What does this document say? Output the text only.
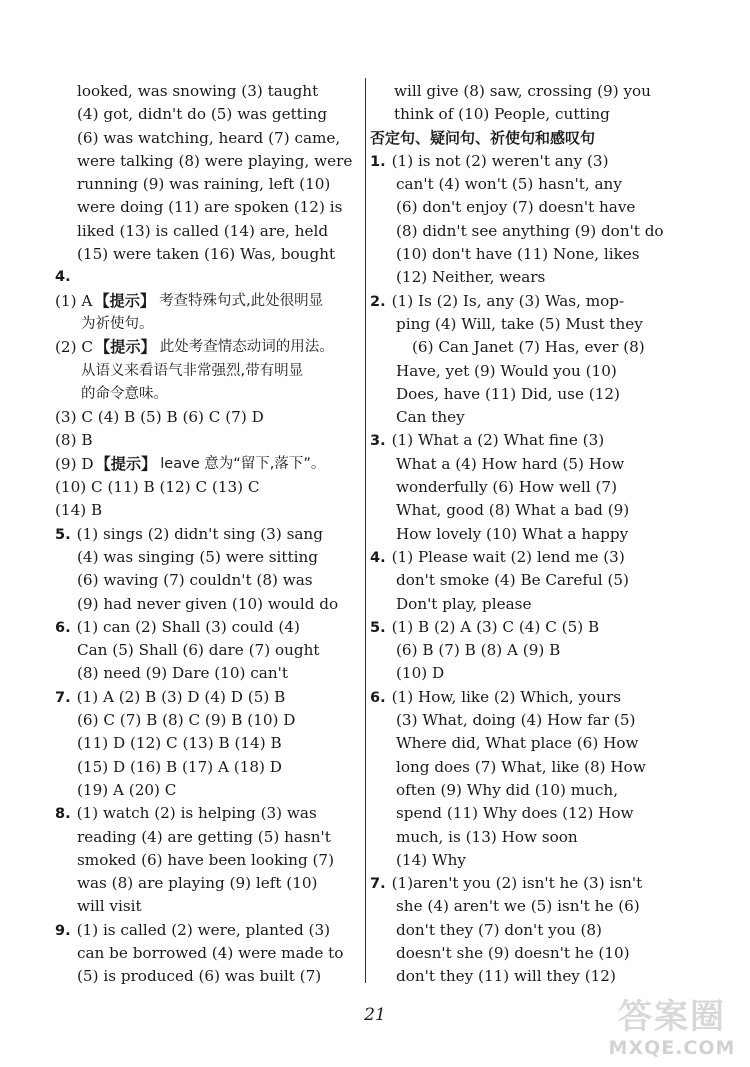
looked, was snowing (3) taught
(4) got, didn't do (5) was getting
(6) was watching, heard (7) came,
were talking (8) were playing, were
running (9) was raining, left (10)
were doing (11) are spoken (12) is
liked (13) is called (14) are, held
(15) were taken (16) Was, bought
4.
(1) A 【提示】 考查特殊句式,此处很明显
为祈使句。
(2) C 【提示】 此处考查情态动词的用法。
从语义来看语气非常强烈,带有明显
的命令意味。
(3) C (4) B (5) B (6) C (7) D
(8) B
(9) D 【提示】 leave 意为“留下,落下”。
(10) C (11) B (12) C (13) C
(14) B
5. (1) sings (2) didn't sing (3) sang
(4) was singing (5) were sitting
(6) waving (7) couldn't (8) was
(9) had never given (10) would do
6. (1) can (2) Shall (3) could (4)
Can (5) Shall (6) dare (7) ought
(8) need (9) Dare (10) can't
7. (1) A (2) B (3) D (4) D (5) B
(6) C (7) B (8) C (9) B (10) D
(11) D (12) C (13) B (14) B
(15) D (16) B (17) A (18) D
(19) A (20) C
8. (1) watch (2) is helping (3) was
reading (4) are getting (5) hasn't
smoked (6) have been looking (7)
was (8) are playing (9) left (10)
will visit
9. (1) is called (2) were, planted (3)
can be borrowed (4) were made to
(5) is produced (6) was built (7)
will give (8) saw, crossing (9) you
think of (10) People, cutting
否定句、疑问句、祈使句和感叹句
1. (1) is not (2) weren't any (3)
can't (4) won't (5) hasn't, any
(6) don't enjoy (7) doesn't have
(8) didn't see anything (9) don't do
(10) don't have (11) None, likes
(12) Neither, wears
2. (1) Is (2) Is, any (3) Was, mop-
ping (4) Will, take (5) Must they
(6) Can Janet (7) Has, ever (8)
Have, yet (9) Would you (10)
Does, have (11) Did, use (12)
Can they
3. (1) What a (2) What fine (3)
What a (4) How hard (5) How
wonderfully (6) How well (7)
What, good (8) What a bad (9)
How lovely (10) What a happy
4. (1) Please wait (2) lend me (3)
don't smoke (4) Be Careful (5)
Don't play, please
5. (1) B (2) A (3) C (4) C (5) B
(6) B (7) B (8) A (9) B
(10) D
6. (1) How, like (2) Which, yours
(3) What, doing (4) How far (5)
Where did, What place (6) How
long does (7) What, like (8) How
often (9) Why did (10) much,
spend (11) Why does (12) How
much, is (13) How soon
(14) Why
7. (1)aren't you (2) isn't he (3) isn't
she (4) aren't we (5) isn't he (6)
don't they (7) don't you (8)
doesn't she (9) doesn't he (10)
don't they (11) will they (12)
21	答案圈
MXQE.COM
